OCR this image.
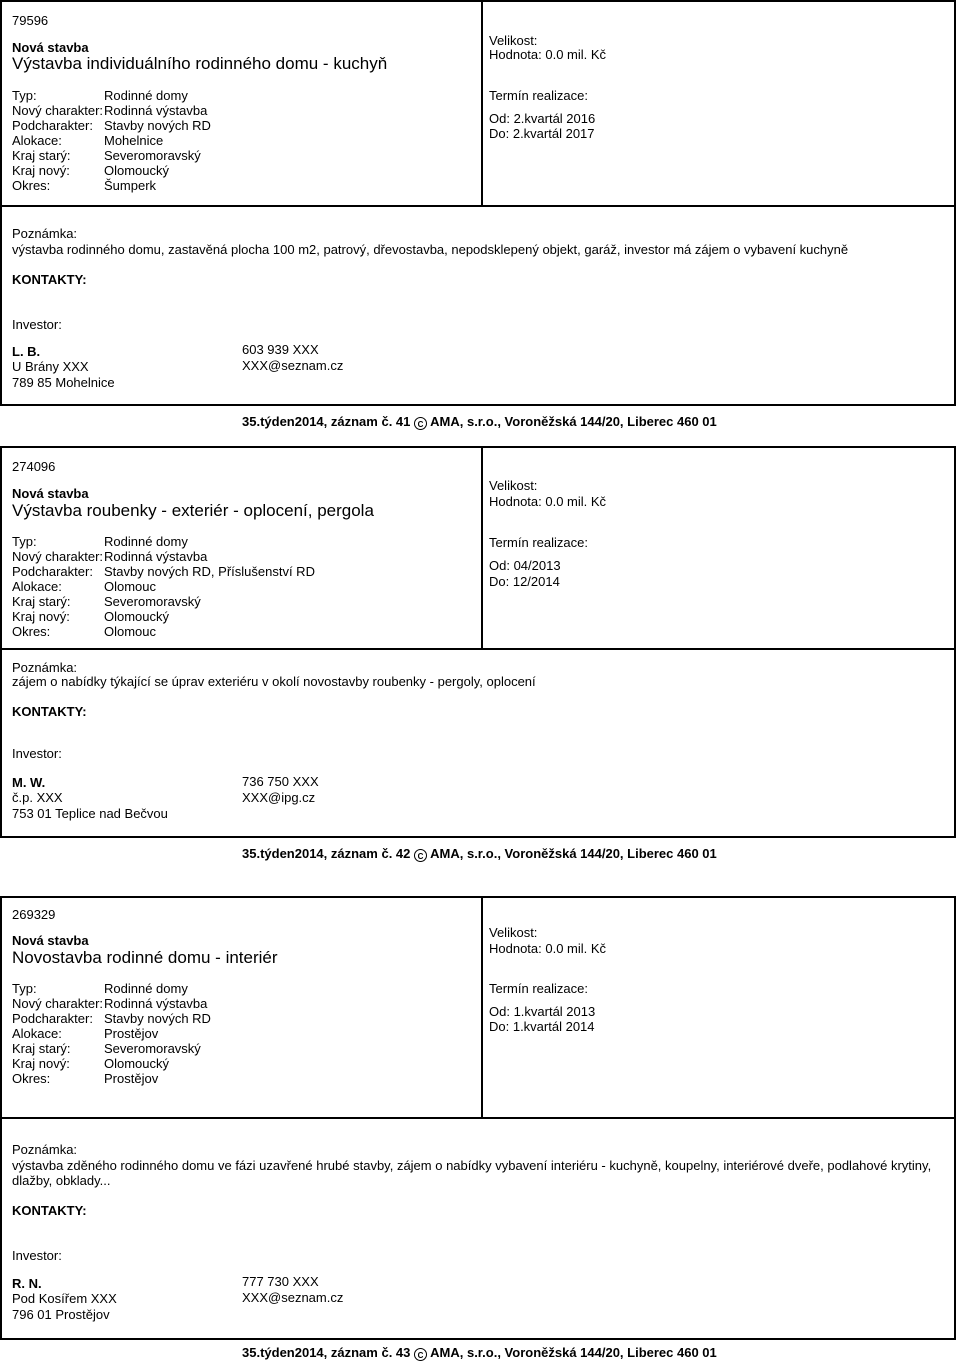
79596
Nová stavba
Výstavba individuálního rodinného domu - kuchyň
Typ:	Rodinné domy
Nový charakter: Rodinná výstavba
Podcharakter: Stavby nových RD
Alokace:	Mohelnice
Kraj starý:	Severomoravský
Kraj nový:	Olomoucký
Okres:	Šumperk
Velikost:
Hodnota: 0.0 mil. Kč
Termín realizace:
Od: 2.kvartál 2016
Do: 2.kvartál 2017
Poznámka:
výstavba rodinného domu, zastavěná plocha 100 m2, patrový, dřevostavba, nepodsklepený objekt, garáž, investor má zájem o vybavení kuchyně
KONTAKTY:
Investor:
L. B.
U Brány XXX
789 85 Mohelnice
603 939 XXX
XXX@seznam.cz
35.týden2014, záznam č. 41 C AMA, s.r.o., Voroněžská 144/20, Liberec 460 01
274096
Nová stavba
Výstavba roubenky - exteriér - oplocení, pergola
Typ:	Rodinné domy
Nový charakter: Rodinná výstavba
Podcharakter: Stavby nových RD, Příslušenství RD
Alokace:	Olomouc
Kraj starý:	Severomoravský
Kraj nový:	Olomoucký
Okres:	Olomouc
Velikost:
Hodnota: 0.0 mil. Kč
Termín realizace:
Od: 04/2013
Do: 12/2014
Poznámka:
zájem o nabídky týkající se úprav exteriéru v okolí novostavby roubenky - pergoly, oplocení
KONTAKTY:
Investor:
M. W.
č.p. XXX
753 01 Teplice nad Bečvou
736 750 XXX
XXX@ipg.cz
35.týden2014, záznam č. 42 C AMA, s.r.o., Voroněžská 144/20, Liberec 460 01
269329
Nová stavba
Novostavba rodinné domu - interiér
Typ:	Rodinné domy
Nový charakter: Rodinná výstavba
Podcharakter: Stavby nových RD
Alokace:	Prostějov
Kraj starý:	Severomoravský
Kraj nový:	Olomoucký
Okres:	Prostějov
Velikost:
Hodnota: 0.0 mil. Kč
Termín realizace:
Od: 1.kvartál 2013
Do: 1.kvartál 2014
Poznámka:
výstavba zděného rodinného domu ve fázi uzavřené hrubé stavby, zájem o nabídky vybavení interiéru - kuchyně, koupelny, interiérové dveře, podlahové krytiny, dlažby, obklady...
KONTAKTY:
Investor:
R. N.
Pod Kosířem XXX
796 01 Prostějov
777 730 XXX
XXX@seznam.cz
35.týden2014, záznam č. 43 C AMA, s.r.o., Voroněžská 144/20, Liberec 460 01
